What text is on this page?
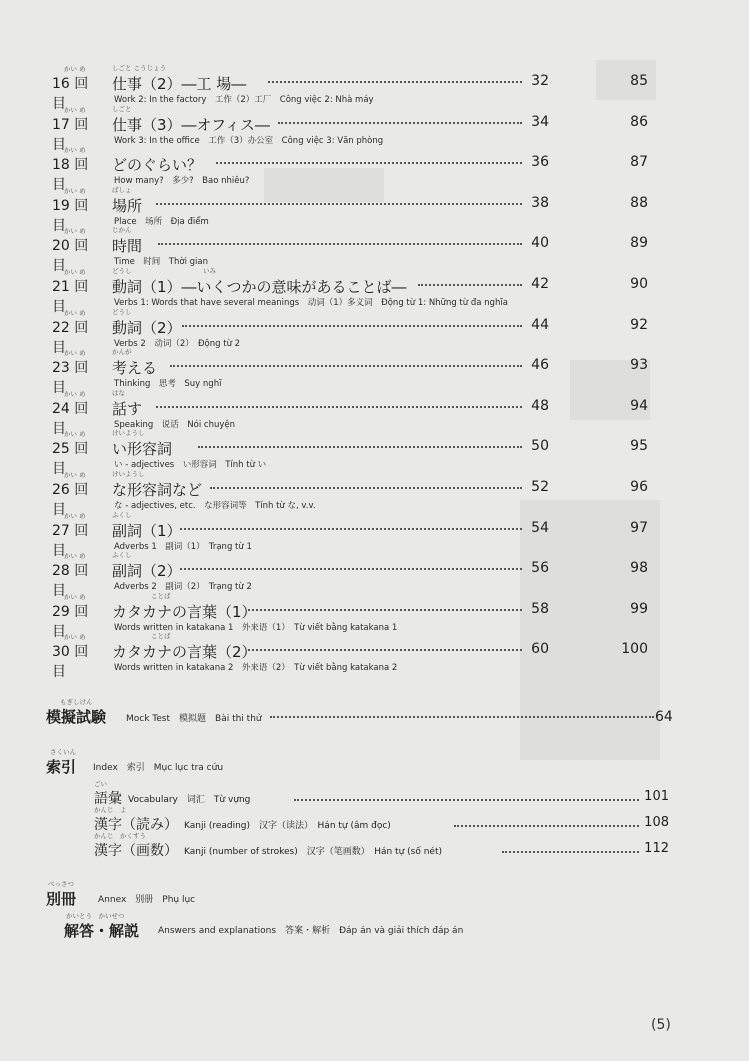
かい め
16 回目
しごと こうじょう
仕事（2）―工 場―	32	85
Work 2: In the factory　工作（2）工厂　Công việc 2: Nhà máy
かい め
17 回目
しごと
仕事（3）―オフィス―	34	86
Work 3: In the office　工作（3）办公室　Công việc 3: Văn phòng
かい め
18 回目
どのぐらい？	36	87
How many?　多少?　Bao nhiêu?
かい め
19 回目
ばしょ
場所	38	88
Place　场所　Địa điểm
かい め
20 回目
じかん
時間	40	89
Time　时间　Thời gian
かい め
21 回目
どうし　　　　　　　　　　　いみ
動詞（1）―いくつかの意味があることば―	42	90
Verbs 1: Words that have several meanings　动词（1）多义词　Động từ 1: Những từ đa nghĩa
かい め
22 回目
どうし
動詞（2）	44	92
Verbs 2　动词（2）　Động từ 2
かい め
23 回目
かんが
考える	46	93
Thinking　思考　Suy nghĩ
かい め
24 回目
はな
話す	48	94
Speaking　说话　Nói chuyện
かい め
25 回目
けいようし
い形容詞	50	95
い - adjectives　い形容词　Tính từ い
かい め
26 回目
けいようし
な形容詞など	52	96
な - adjectives, etc.　な形容词等　Tính từ な, v.v.
かい め
27 回目
ふくし
副詞（1）	54	97
Adverbs 1　副词（1）　Trạng từ 1
かい め
28 回目
ふくし
副詞（2）	56	98
Adverbs 2　副词（2）　Trạng từ 2
かい め
29 回目
　　　　　　ことば
カタカナの言葉（1）	58	99
Words written in katakana 1　外来语（1）　Từ viết bằng katakana 1
かい め
30 回目
　　　　　　ことば
カタカナの言葉（2）	60	100
Words written in katakana 2　外来语（2）　Từ viết bằng katakana 2
もぎしけん
模擬試験 Mock Test　模拟题　Bài thi thử	64
さくいん
索引 Index　索引　Mục lục tra cứu
ごい
語彙 Vocabulary　词汇　Từ vựng	101
かんじ　よ
漢字（読み） Kanji (reading)　汉字（读法）　Hán tự (âm đọc)	108
かんじ　かくすう
漢字（画数） Kanji (number of strokes)　汉字（笔画数）　Hán tự (số nét)	112
べっさつ
別冊 Annex　别册　Phụ lục
かいとう　かいせつ
解答・解説 Answers and explanations　答案・解析　Đáp án và giải thích đáp án
(5)
